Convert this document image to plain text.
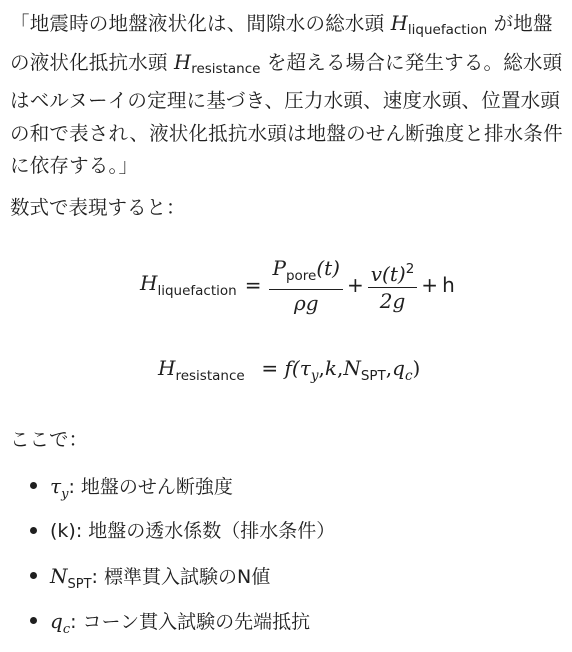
「地震時の地盤液状化は、間隙水の総水頭 $H_{liquefaction}$ が地盤の液状化抵抗水頭 $H_{resistance}$ を超える場合に発生する。総水頭はベルヌーイの定理に基づき、圧力水頭、速度水頭、位置水頭の和で表され、液状化抵抗水頭は地盤のせん断強度と排水条件に依存する。」
数式で表現すると：
$H_{liquefaction} = \frac{P_{pore}(t)}{\rho g} + \frac{v(t)^2}{2g} + h$
$H_{resistance} = f(\tau_y,k,N_{SPT},q_c)$
ここで：
$\tau_y$: 地盤のせん断強度
(k): 地盤の透水係数（排水条件）
$N_{SPT}$: 標準貫入試験のN値
$q_c$: コーン貫入試験の先端抵抗
